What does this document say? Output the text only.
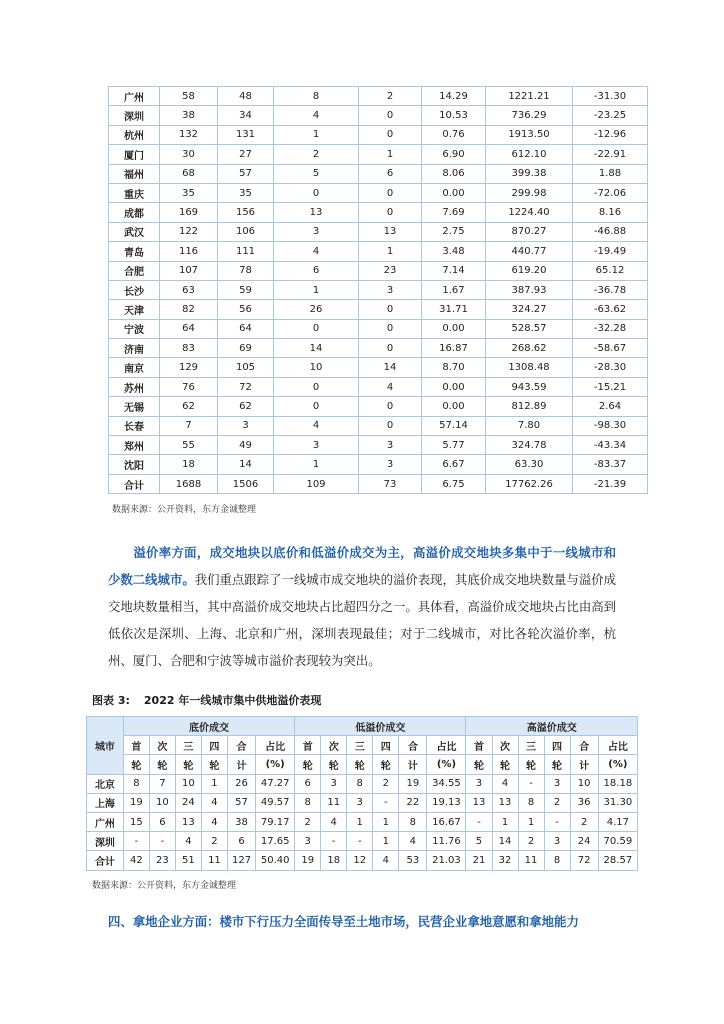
广州	58	48	8	2	14.29	1221.21	-31.30
深圳	38	34	4	0	10.53	736.29	-23.25
杭州	132	131	1	0	0.76	1913.50	-12.96
厦门	30	27	2	1	6.90	612.10	-22.91
福州	68	57	5	6	8.06	399.38	1.88
重庆	35	35	0	0	0.00	299.98	-72.06
成都	169	156	13	0	7.69	1224.40	8.16
武汉	122	106	3	13	2.75	870.27	-46.88
青岛	116	111	4	1	3.48	440.77	-19.49
合肥	107	78	6	23	7.14	619.20	65.12
长沙	63	59	1	3	1.67	387.93	-36.78
天津	82	56	26	0	31.71	324.27	-63.62
宁波	64	64	0	0	0.00	528.57	-32.28
济南	83	69	14	0	16.87	268.62	-58.67
南京	129	105	10	14	8.70	1308.48	-28.30
苏州	76	72	0	4	0.00	943.59	-15.21
无锡	62	62	0	0	0.00	812.89	2.64
长春	7	3	4	0	57.14	7.80	-98.30
郑州	55	49	3	3	5.77	324.78	-43.34
沈阳	18	14	1	3	6.67	63.30	-83.37
合计	1688	1506	109	73	6.75	17762.26	-21.39
数据来源：公开资料，东方金诚整理
溢价率方面，成交地块以底价和低溢价成交为主，高溢价成交地块多集中于一线城市和少数二线城市。我们重点跟踪了一线城市成交地块的溢价表现，其底价成交地块数量与溢价成交地块数量相当，其中高溢价成交地块占比超四分之一。具体看，高溢价成交地块占比由高到低依次是深圳、上海、北京和广州，深圳表现最佳；对于二线城市，对比各轮次溢价率，杭州、厦门、合肥和宁波等城市溢价表现较为突出。
图表 3: 2022 年一线城市集中供地溢价表现
城市	底价成交						低溢价成交						高溢价成交					
	首	次	三	四	合	占比	首	次	三	四	合	占比	首	次	三	四	合	占比
	轮	轮	轮	轮	计	(%)	轮	轮	轮	轮	计	(%)	轮	轮	轮	轮	计	(%)
北京	8	7	10	1	26	47.27	6	3	8	2	19	34.55	3	4	-	3	10	18.18
上海	19	10	24	4	57	49.57	8	11	3	-	22	19.13	13	13	8	2	36	31.30
广州	15	6	13	4	38	79.17	2	4	1	1	8	16.67	-	1	1	-	2	4.17
深圳	-	-	4	2	6	17.65	3	-	-	1	4	11.76	5	14	2	3	24	70.59
合计	42	23	51	11	127	50.40	19	18	12	4	53	21.03	21	32	11	8	72	28.57
数据来源：公开资料，东方金诚整理
四、拿地企业方面：楼市下行压力全面传导至土地市场，民营企业拿地意愿和拿地能力
